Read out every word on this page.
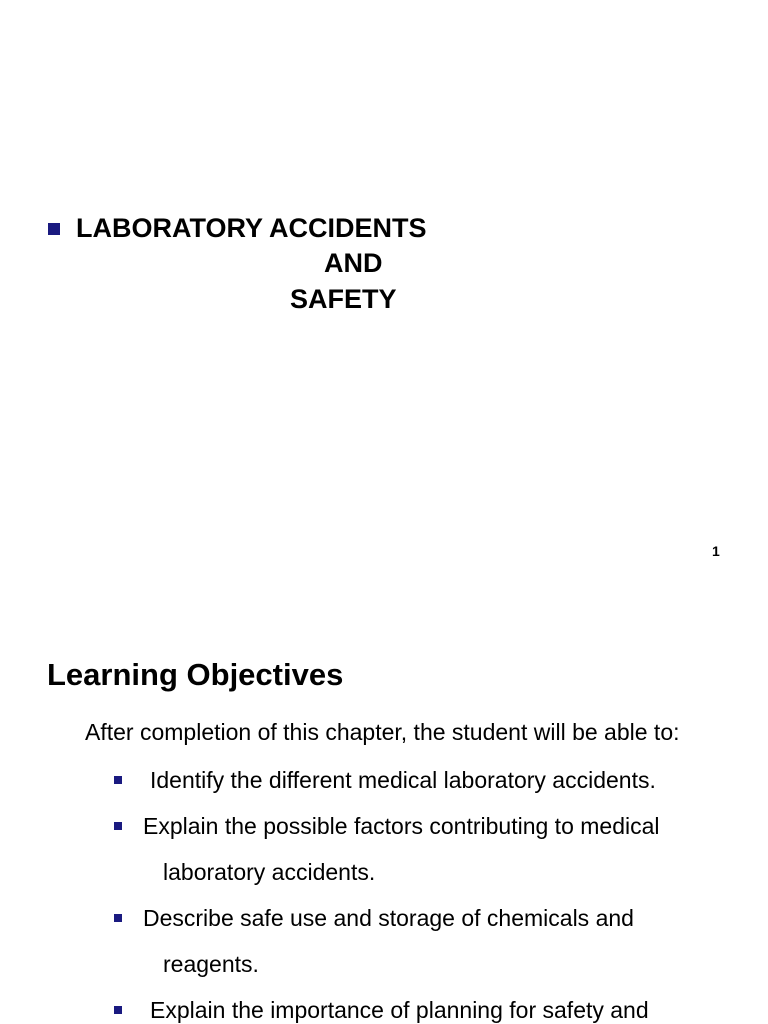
LABORATORY ACCIDENTS
AND
SAFETY
1
Learning Objectives
After completion of this chapter, the student will be able to:
Identify the different medical laboratory accidents.
Explain the possible factors contributing to medical
laboratory accidents.
Describe safe use and storage of chemicals and
reagents.
Explain the importance of planning for safety and
